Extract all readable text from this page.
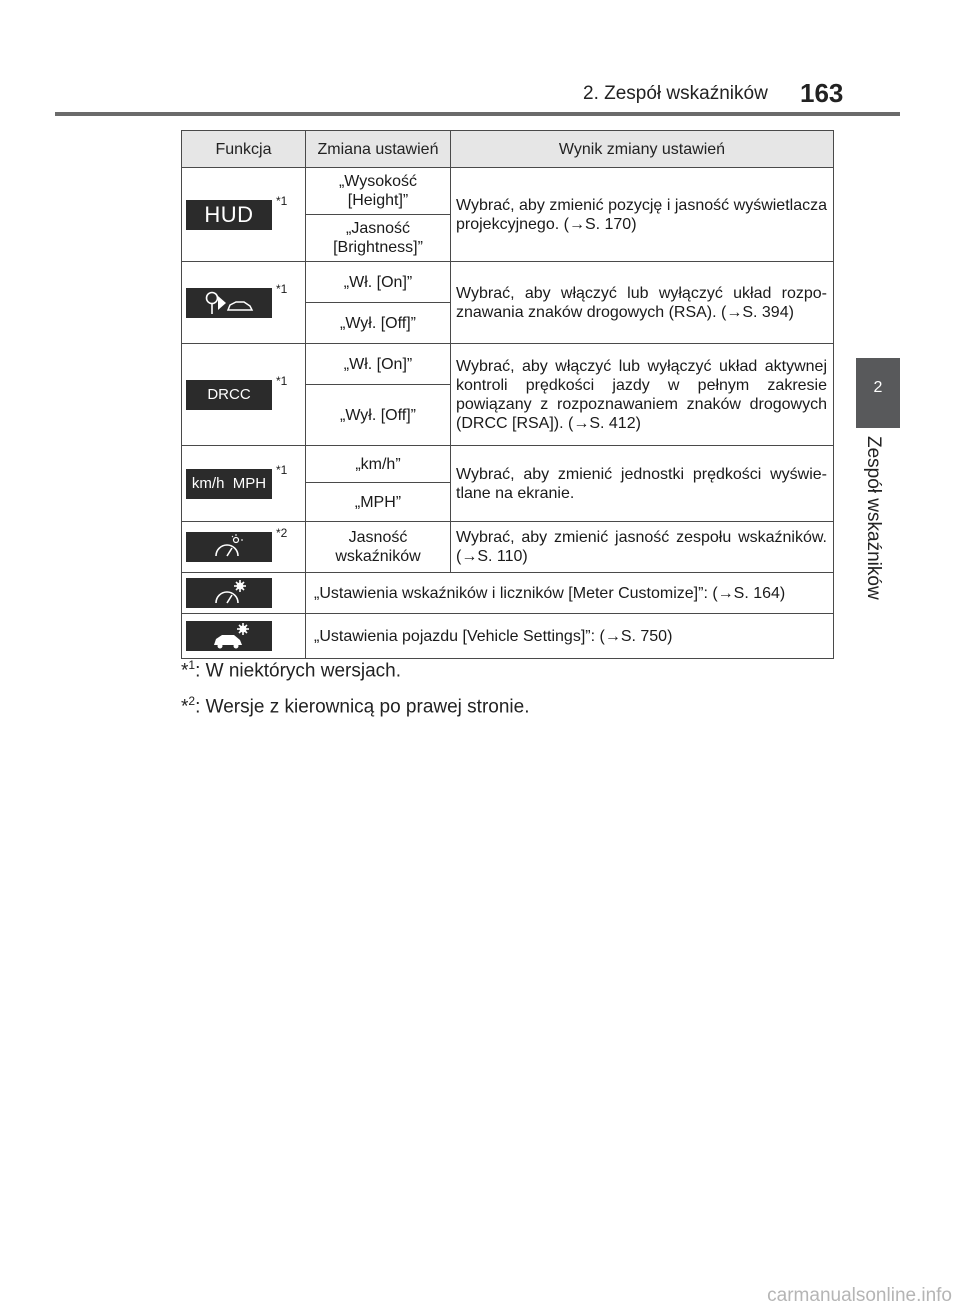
2. Zespół wskaźników 163
2
Zespół wskaźników
Funkcja	Zmiana ustawień	Wynik zmiany ustawień
HUD*1	„Wysokość [Height]”	Wybrać, aby zmienić pozycję i jasność wyświetlacza projekcyjnego. (→S. 170)
	„Jasność [Brightness]”	

*1	„Wł. [On]”	Wybrać, aby włączyć lub wyłączyć układ rozpoznawania znaków drogowych (RSA). (→S. 394)
	„Wył. [Off]”	
DRCC (RSA)*1	„Wł. [On]”	Wybrać, aby włączyć lub wyłączyć układ aktywnej kontroli prędkości jazdy w pełnym zakresie powiązany z rozpoznawaniem znaków drogowych (DRCC [RSA]). (→S. 412)
	„Wył. [Off]”	
km/h  MPH*1	„km/h”	Wybrać, aby zmienić jednostki prędkości wyświetlane na ekranie.
	„MPH”	

*2	Jasność wskaźników	Wybrać, aby zmienić jasność zespołu wskaźników. (→S. 110)

	„Ustawienia wskaźników i liczników [Meter Customize]”: (→S. 164)	

	„Ustawienia pojazdu [Vehicle Settings]”: (→S. 750)	
*$^1$: W niektórych wersjach.
*$^2$: Wersje z kierownicą po prawej stronie.
carmanualsonline.info
